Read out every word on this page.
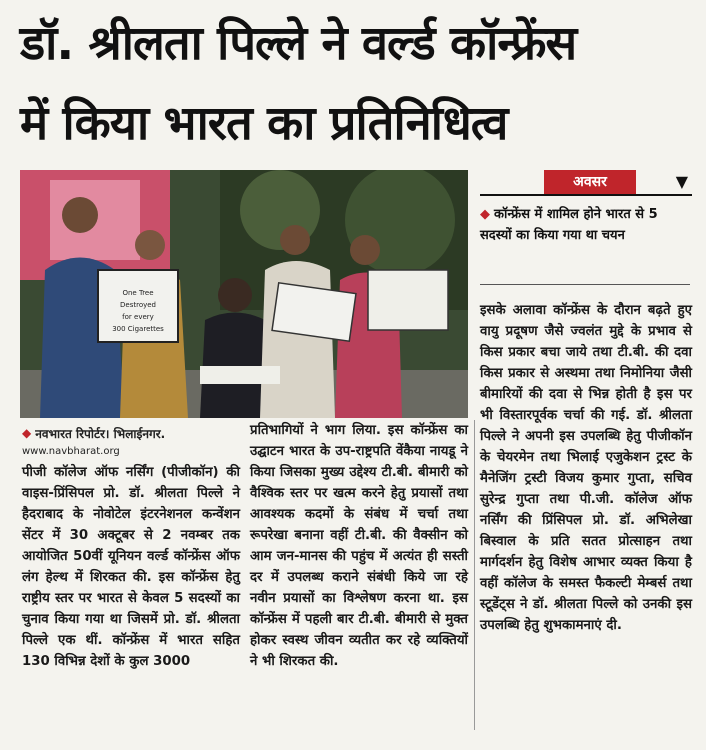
डॉ. श्रीलता पिल्ले ने वर्ल्ड कॉन्फ्रेंस
में किया भारत का प्रतिनिधित्व
One Tree
Destroyed
for every
300 Cigarettes
◆ नवभारत रिपोर्टर। भिलाईनगर.
www.navbharat.org
अवसर	▼
◆ कॉन्फ्रेंस में शामिल होने भारत से 5 सदस्यों का किया गया था चयन
पीजी कॉलेज ऑफ नर्सिंग (पीजीकॉन) की वाइस-प्रिंसिपल प्रो. डॉ. श्रीलता पिल्ले ने हैदराबाद के नोवोटेल इंटरनेशनल कन्वेंशन सेंटर में 30 अक्टूबर से 2 नवम्बर तक आयोजित 50वीं यूनियन वर्ल्ड कॉन्फ्रेंस ऑफ लंग हेल्थ में शिरकत की. इस कॉन्फ्रेंस हेतु राष्ट्रीय स्तर पर भारत से केवल 5 सदस्यों का चुनाव किया गया था जिसमें प्रो. डॉ. श्रीलता पिल्ले एक थीं. कॉन्फ्रेंस में भारत सहित 130 विभिन्न देशों के कुल 3000
प्रतिभागियों ने भाग लिया. इस कॉन्फ्रेंस का उद्घाटन भारत के उप-राष्ट्रपति वेंकैया नायडू ने किया जिसका मुख्य उद्देश्य टी.बी. बीमारी को वैश्विक स्तर पर खत्म करने हेतु प्रयासों तथा आवश्यक कदमों के संबंध में चर्चा तथा रूपरेखा बनाना वहीं टी.बी. की वैक्सीन को आम जन-मानस की पहुंच में अत्यंत ही सस्ती दर में उपलब्ध कराने संबंधी किये जा रहे नवीन प्रयासों का विश्लेषण करना था. इस कॉन्फ्रेंस में पहली बार टी.बी. बीमारी से मुक्त होकर स्वस्थ जीवन व्यतीत कर रहे व्यक्तियों ने भी शिरकत की.
इसके अलावा कॉन्फ्रेंस के दौरान बढ़ते हुए वायु प्रदूषण जैसे ज्वलंत मुद्दे के प्रभाव से किस प्रकार बचा जाये तथा टी.बी. की दवा किस प्रकार से अस्थमा तथा निमोनिया जैसी बीमारियों की दवा से भिन्न होती है इस पर भी विस्तारपूर्वक चर्चा की गई. डॉ. श्रीलता पिल्ले ने अपनी इस उपलब्धि हेतु पीजीकॉन के चेयरमेन तथा भिलाई एजुकेशन ट्रस्ट के मैनेजिंग ट्रस्टी विजय कुमार गुप्ता, सचिव सुरेन्द्र गुप्ता तथा पी.जी. कॉलेज ऑफ नर्सिंग की प्रिंसिपल प्रो. डॉ. अभिलेखा बिस्वाल के प्रति सतत प्रोत्साहन तथा मार्गदर्शन हेतु विशेष आभार व्यक्त किया है वहीं कॉलेज के समस्त फैकल्टी मेम्बर्स तथा स्टूडेंट्स ने डॉ. श्रीलता पिल्ले को उनकी इस उपलब्धि हेतु शुभकामनाएं दी.
